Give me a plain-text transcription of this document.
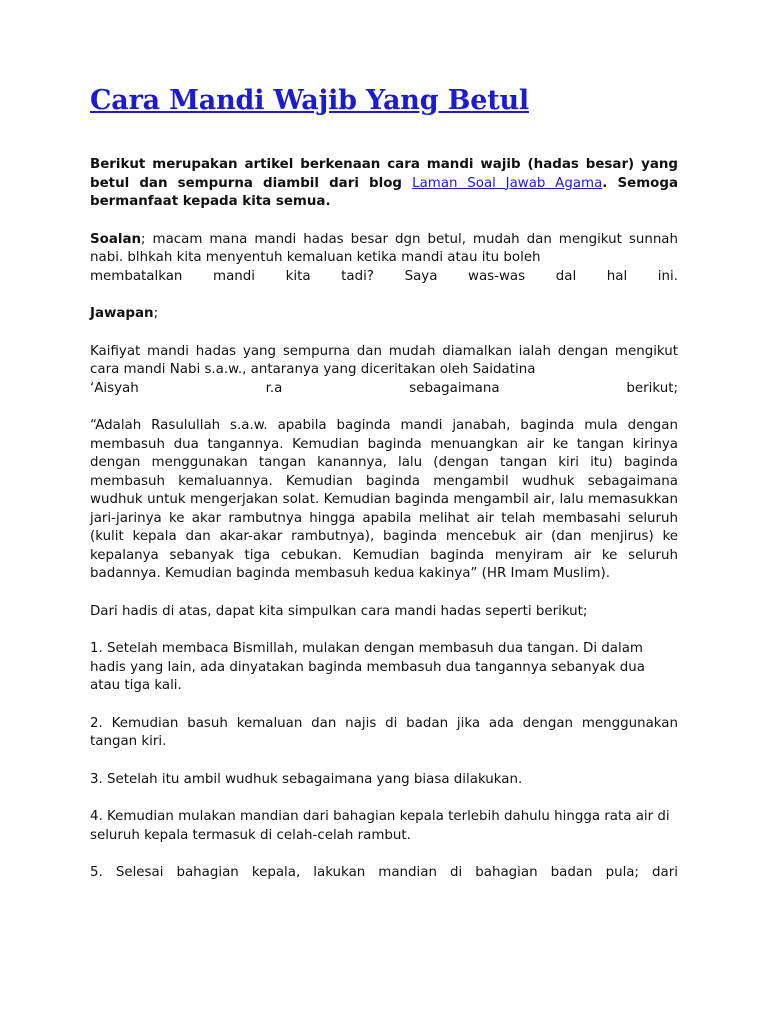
Cara Mandi Wajib Yang Betul

Berikut merupakan artikel berkenaan cara mandi wajib (hadas besar) yang betul dan sempurna diambil dari blog Laman Soal Jawab Agama. Semoga bermanfaat kepada kita semua.

Soalan; macam mana mandi hadas besar dgn betul, mudah dan mengikut sunnah nabi. blhkah kita menyentuh kemaluan ketika mandi atau itu boleh

membatalkan mandi kita tadi? Saya was-was dal hal ini.

Jawapan;

Kaifiyat mandi hadas yang sempurna dan mudah diamalkan ialah dengan mengikut cara mandi Nabi s.a.w., antaranya yang diceritakan oleh Saidatina

‘Aisyah r.a sebagaimana berikut;

“Adalah Rasulullah s.a.w. apabila baginda mandi janabah, baginda mula dengan membasuh dua tangannya. Kemudian baginda menuangkan air ke tangan kirinya dengan menggunakan tangan kanannya, lalu (dengan tangan kiri itu) baginda membasuh kemaluannya. Kemudian baginda mengambil wudhuk sebagaimana wudhuk untuk mengerjakan solat. Kemudian baginda mengambil air, lalu memasukkan jari-jarinya ke akar rambutnya hingga apabila melihat air telah membasahi seluruh (kulit kepala dan akar-akar rambutnya), baginda mencebuk air (dan menjirus) ke kepalanya sebanyak tiga cebukan. Kemudian baginda menyiram air ke seluruh badannya. Kemudian baginda membasuh kedua kakinya” (HR Imam Muslim).

Dari hadis di atas, dapat kita simpulkan cara mandi hadas seperti berikut;

1. Setelah membaca Bismillah, mulakan dengan membasuh dua tangan. Di dalam hadis yang lain, ada dinyatakan baginda membasuh dua tangannya sebanyak dua atau tiga kali.

2. Kemudian basuh kemaluan dan najis di badan jika ada dengan menggunakan tangan kiri.

3. Setelah itu ambil wudhuk sebagaimana yang biasa dilakukan.

4. Kemudian mulakan mandian dari bahagian kepala terlebih dahulu hingga rata air di seluruh kepala termasuk di celah-celah rambut.

5. Selesai bahagian kepala, lakukan mandian di bahagian badan pula; dari
